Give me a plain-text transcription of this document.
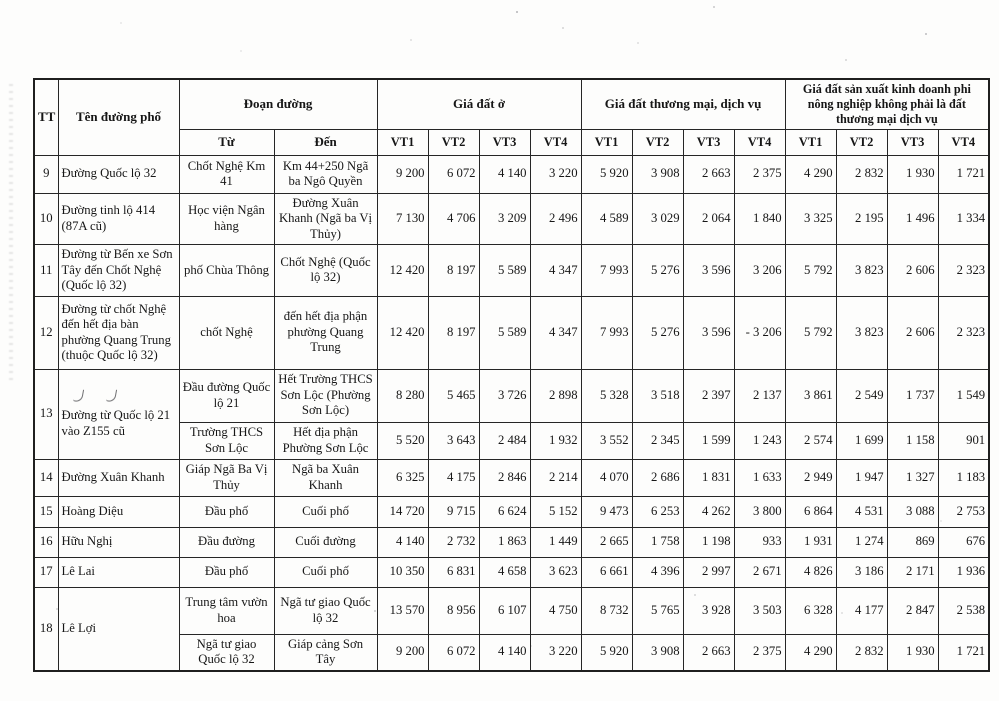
TT	Tên đường phố	Đoạn đường		Giá đất ở				Giá đất thương mại, dịch vụ				Giá đất sản xuất kinh doanh phi nông nghiệp không phải là đất thương mại dịch vụ			
		Từ	Đến	VT1	VT2	VT3	VT4	VT1	VT2	VT3	VT4	VT1	VT2	VT3	VT4
9	Đường Quốc lộ 32	Chốt Nghệ Km 41	Km 44+250 Ngã ba Ngô Quyền	9 200	6 072	4 140	3 220	5 920	3 908	2 663	2 375	4 290	2 832	1 930	1 721
10	Đường tinh lộ 414 (87A cũ)	Học viện Ngân hàng	Đường Xuân Khanh (Ngã ba Vị Thủy)	7 130	4 706	3 209	2 496	4 589	3 029	2 064	1 840	3 325	2 195	1 496	1 334
11	Đường từ Bến xe Sơn Tây đến Chốt Nghệ (Quốc lộ 32)	phố Chùa Thông	Chốt Nghệ (Quốc lộ 32)	12 420	8 197	5 589	4 347	7 993	5 276	3 596	3 206	5 792	3 823	2 606	2 323
12	Đường từ chốt Nghệ đến hết địa bàn phường Quang Trung (thuộc Quốc lộ 32)	chốt Nghệ	đến hết địa phận phường Quang Trung	12 420	8 197	5 589	4 347	7 993	5 276	3 596	- 3 206	5 792	3 823	2 606	2 323
13	Đường từ Quốc lộ 21 vào Z155 cũ	Đầu đường Quốc lộ 21	Hết Trường THCS Sơn Lộc (Phường Sơn Lộc)	8 280	5 465	3 726	2 898	5 328	3 518	2 397	2 137	3 861	2 549	1 737	1 549
		Trường THCS Sơn Lộc	Hết địa phận Phường Sơn Lộc	5 520	3 643	2 484	1 932	3 552	2 345	1 599	1 243	2 574	1 699	1 158	901
14	Đường Xuân Khanh	Giáp Ngã Ba Vị Thủy	Ngã ba Xuân Khanh	6 325	4 175	2 846	2 214	4 070	2 686	1 831	1 633	2 949	1 947	1 327	1 183
15	Hoàng Diệu	Đầu phố	Cuối phố	14 720	9 715	6 624	5 152	9 473	6 253	4 262	3 800	6 864	4 531	3 088	2 753
16	Hữu Nghị	Đầu đường	Cuối đường	4 140	2 732	1 863	1 449	2 665	1 758	1 198	933	1 931	1 274	869	676
17	Lê Lai	Đầu phố	Cuối phố	10 350	6 831	4 658	3 623	6 661	4 396	2 997	2 671	4 826	3 186	2 171	1 936
18	Lê Lợi	Trung tâm vườn hoa	Ngã tư giao Quốc lộ 32	13 570	8 956	6 107	4 750	8 732	5 765	3 928	3 503	6 328	4 177	2 847	2 538
		Ngã tư giao Quốc lộ 32	Giáp cảng Sơn Tây	9 200	6 072	4 140	3 220	5 920	3 908	2 663	2 375	4 290	2 832	1 930	1 721
